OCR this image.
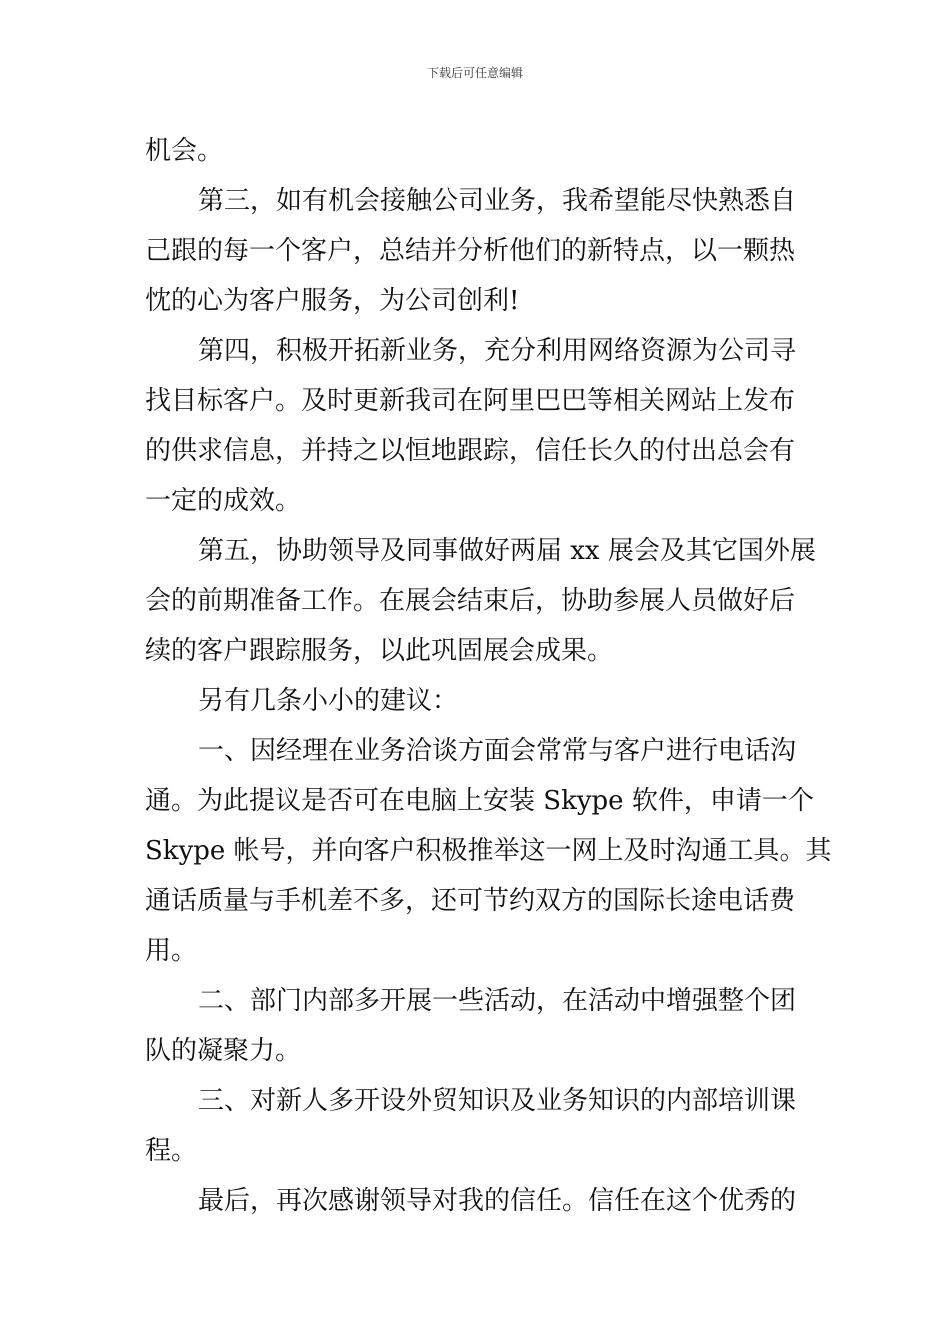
下载后可任意编辑
机会。
第三，如有机会接触公司业务，我希望能尽快熟悉自
己跟的每一个客户，总结并分析他们的新特点，以一颗热
忱的心为客户服务，为公司创利!
第四，积极开拓新业务，充分利用网络资源为公司寻
找目标客户。及时更新我司在阿里巴巴等相关网站上发布
的供求信息，并持之以恒地跟踪，信任长久的付出总会有
一定的成效。
第五，协助领导及同事做好两届 xx 展会及其它国外展
会的前期准备工作。在展会结束后，协助参展人员做好后
续的客户跟踪服务，以此巩固展会成果。
另有几条小小的建议：
一、因经理在业务洽谈方面会常常与客户进行电话沟
通。为此提议是否可在电脑上安装 Skype 软件，申请一个
Skype 帐号，并向客户积极推举这一网上及时沟通工具。其
通话质量与手机差不多，还可节约双方的国际长途电话费
用。
二、部门内部多开展一些活动，在活动中增强整个团
队的凝聚力。
三、对新人多开设外贸知识及业务知识的内部培训课
程。
最后，再次感谢领导对我的信任。信任在这个优秀的
